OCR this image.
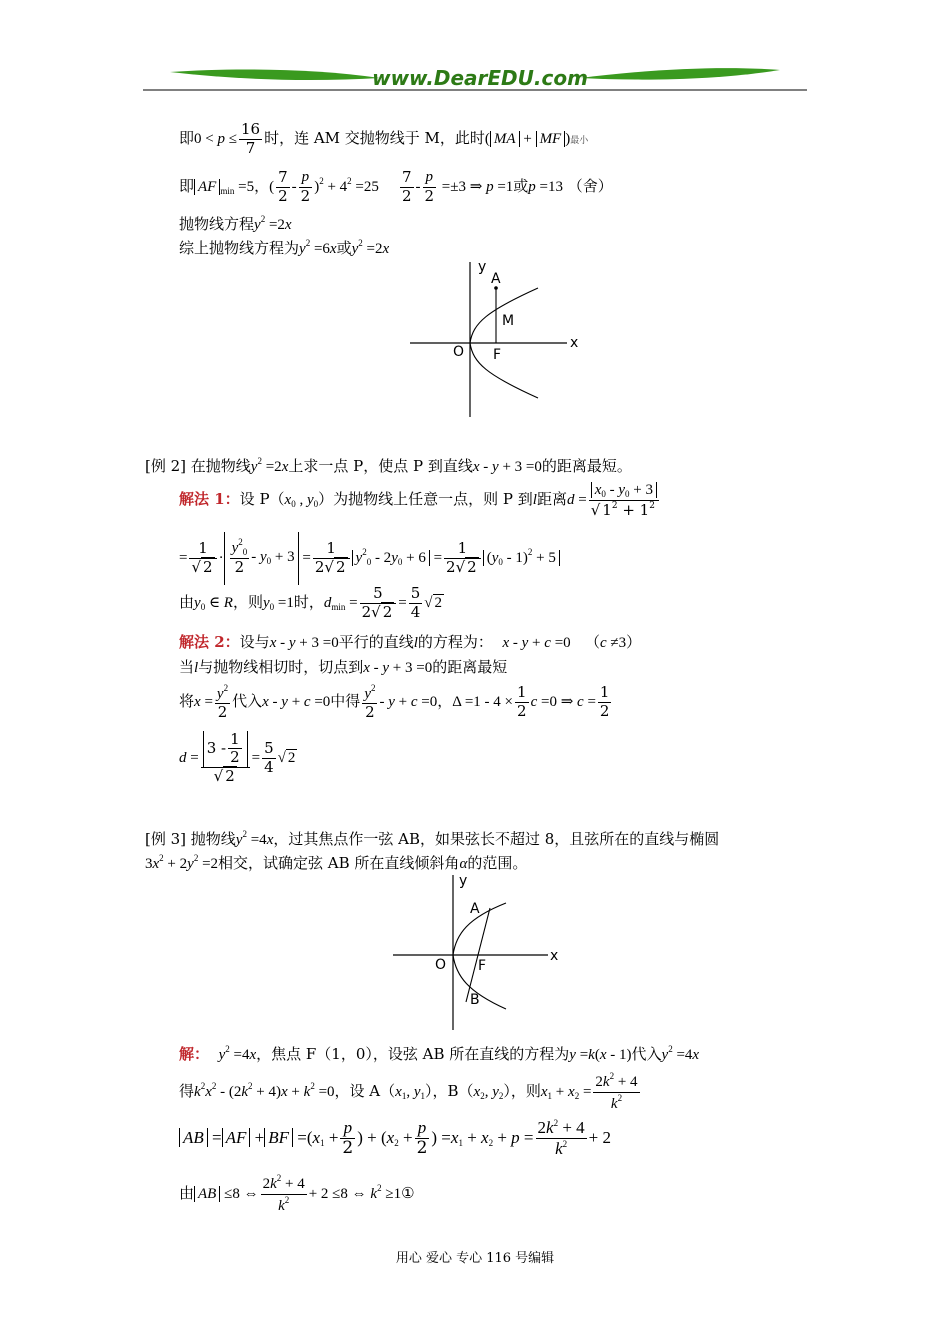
www.DearEDU.com
即$0 < p \le \frac{16}{7}$ 时，连 AM 交抛物线于 M，此时( MA + MF )最小
即 AF $_{min}$ =5，( $\frac{7}{2} - \frac{p}{2} )^2 + 4^2 =25 \frac{7}{2} - \frac{p}{2} =\pm 3$ ⇒ p =1或p =13 （舍）
抛物线方程$y^2 =2x$
综上抛物线方程为$y^2 =6x$或$y^2 =2x$
y
x
O
A
M
F
[例 2] 在抛物线$y^2 =2x$上求一点 P，使点 P 到直线x - y + 3 =0的距离最短。
解法 1：设 $P(x_0$ , $y_0$）为抛物线上任意一点，则 P 到l距离$d = \frac{x_0 - y_0 + 3}{√ 1^2 + 1^2}$
= $\frac{1}{√ 2} \cdot \frac{y^2_0}{2} - y_0 + 3 = \frac{1}{2√ 2} y^2_0 - 2y_0 + 6 = \frac{1}{2√ 2} (y_0 - 1)^2 + 5$
由$y_0$ ∈ R，则$y_0 =1$时，$d_{min} = \frac{5}{2√ 2} = \frac{5}{4}$ √ 2
解法 2：设与x - y + 3 =0平行的直线l的方程为： x - y + c =0 （c ≠3）
当l与抛物线相切时，切点到x - y + 3 =0的距离最短
将$x = \frac{y^2}{2}$ 代入x - y + c =0中得 $\frac{y^2}{2} - y + c =0$，$\Delta =1 - 4 \times \frac{1}{2}$ c =0 ⇒ $c = \frac{1}{2}$
$d = \frac{3 - \frac{1}{2}}{√ 2} = \frac{5}{4}$ √ 2
[例 3] 抛物线$y^2 =4x$，过其焦点作一弦 AB，如果弦长不超过 8，且弦所在的直线与椭圆
$3x^2 + 2y^2 =2$相交，试确定弦 AB 所在直线倾斜角α的范围。
y
x
O
A
F
B
解： $y^2 =4x$，焦点 F（1，0），设弦 AB 所在直线的方程为y =k(x - 1)代入$y^2 =4x$
得$k^2x^2 - (2k^2 + 4)x + k^2 =0$，设 $A(x_1$, $y_1$），$B(x_2$, $y_2$），则$x_1 + x_2 = \frac{2k^2 + 4}{k^2}$
AB = AF + BF $=(x_1 + \frac{p}{2}$ ) + ($x_2 + \frac{p}{2}$ ) $=x_1 + x_2 + p = \frac{2k^2 + 4}{k^2} + 2$
由 AB ≤8 ⇔ $\frac{2k^2 + 4}{k^2} + 2 \le 8$ ⇔ $k^2$ ≥1①
用心 爱心 专心 116 号编辑
